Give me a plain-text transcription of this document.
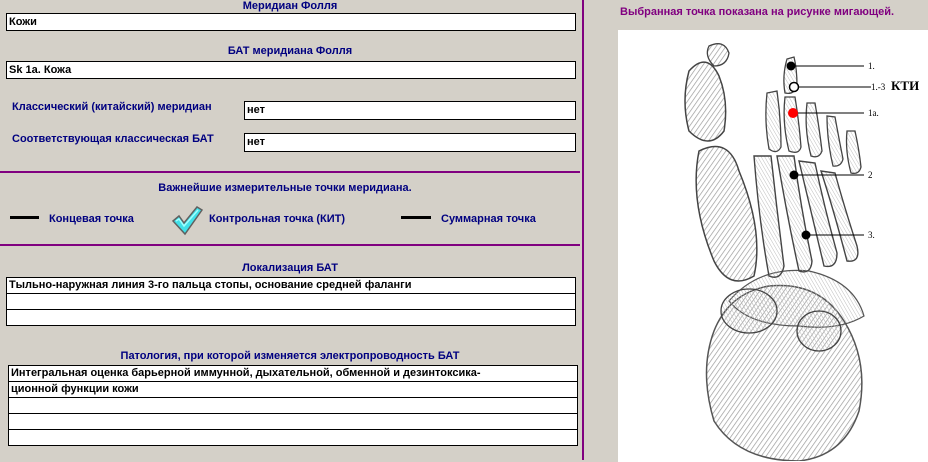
Меридиан Фолля
Кожи
БАТ меридиана Фолля
Sk 1а. Кожа
Классический (китайский) меридиан	нет
Соответствующая классическая БАТ	нет
Важнейшие измерительные точки меридиана.
Концевая точка	Контрольная точка (КИТ)	Суммарная точка
Локализация БАТ
Тыльно-наружная линия 3-го пальца стопы, основание средней фаланги

Патология, при которой изменяется электропроводность БАТ
Интегральная оценка барьерной иммунной, дыхательной, обменной и дезинтоксика-
ционной функции кожи

Выбранная точка показана на рисунке мигающей.
1.
1.-3 КТИ
1а.
2
3.
